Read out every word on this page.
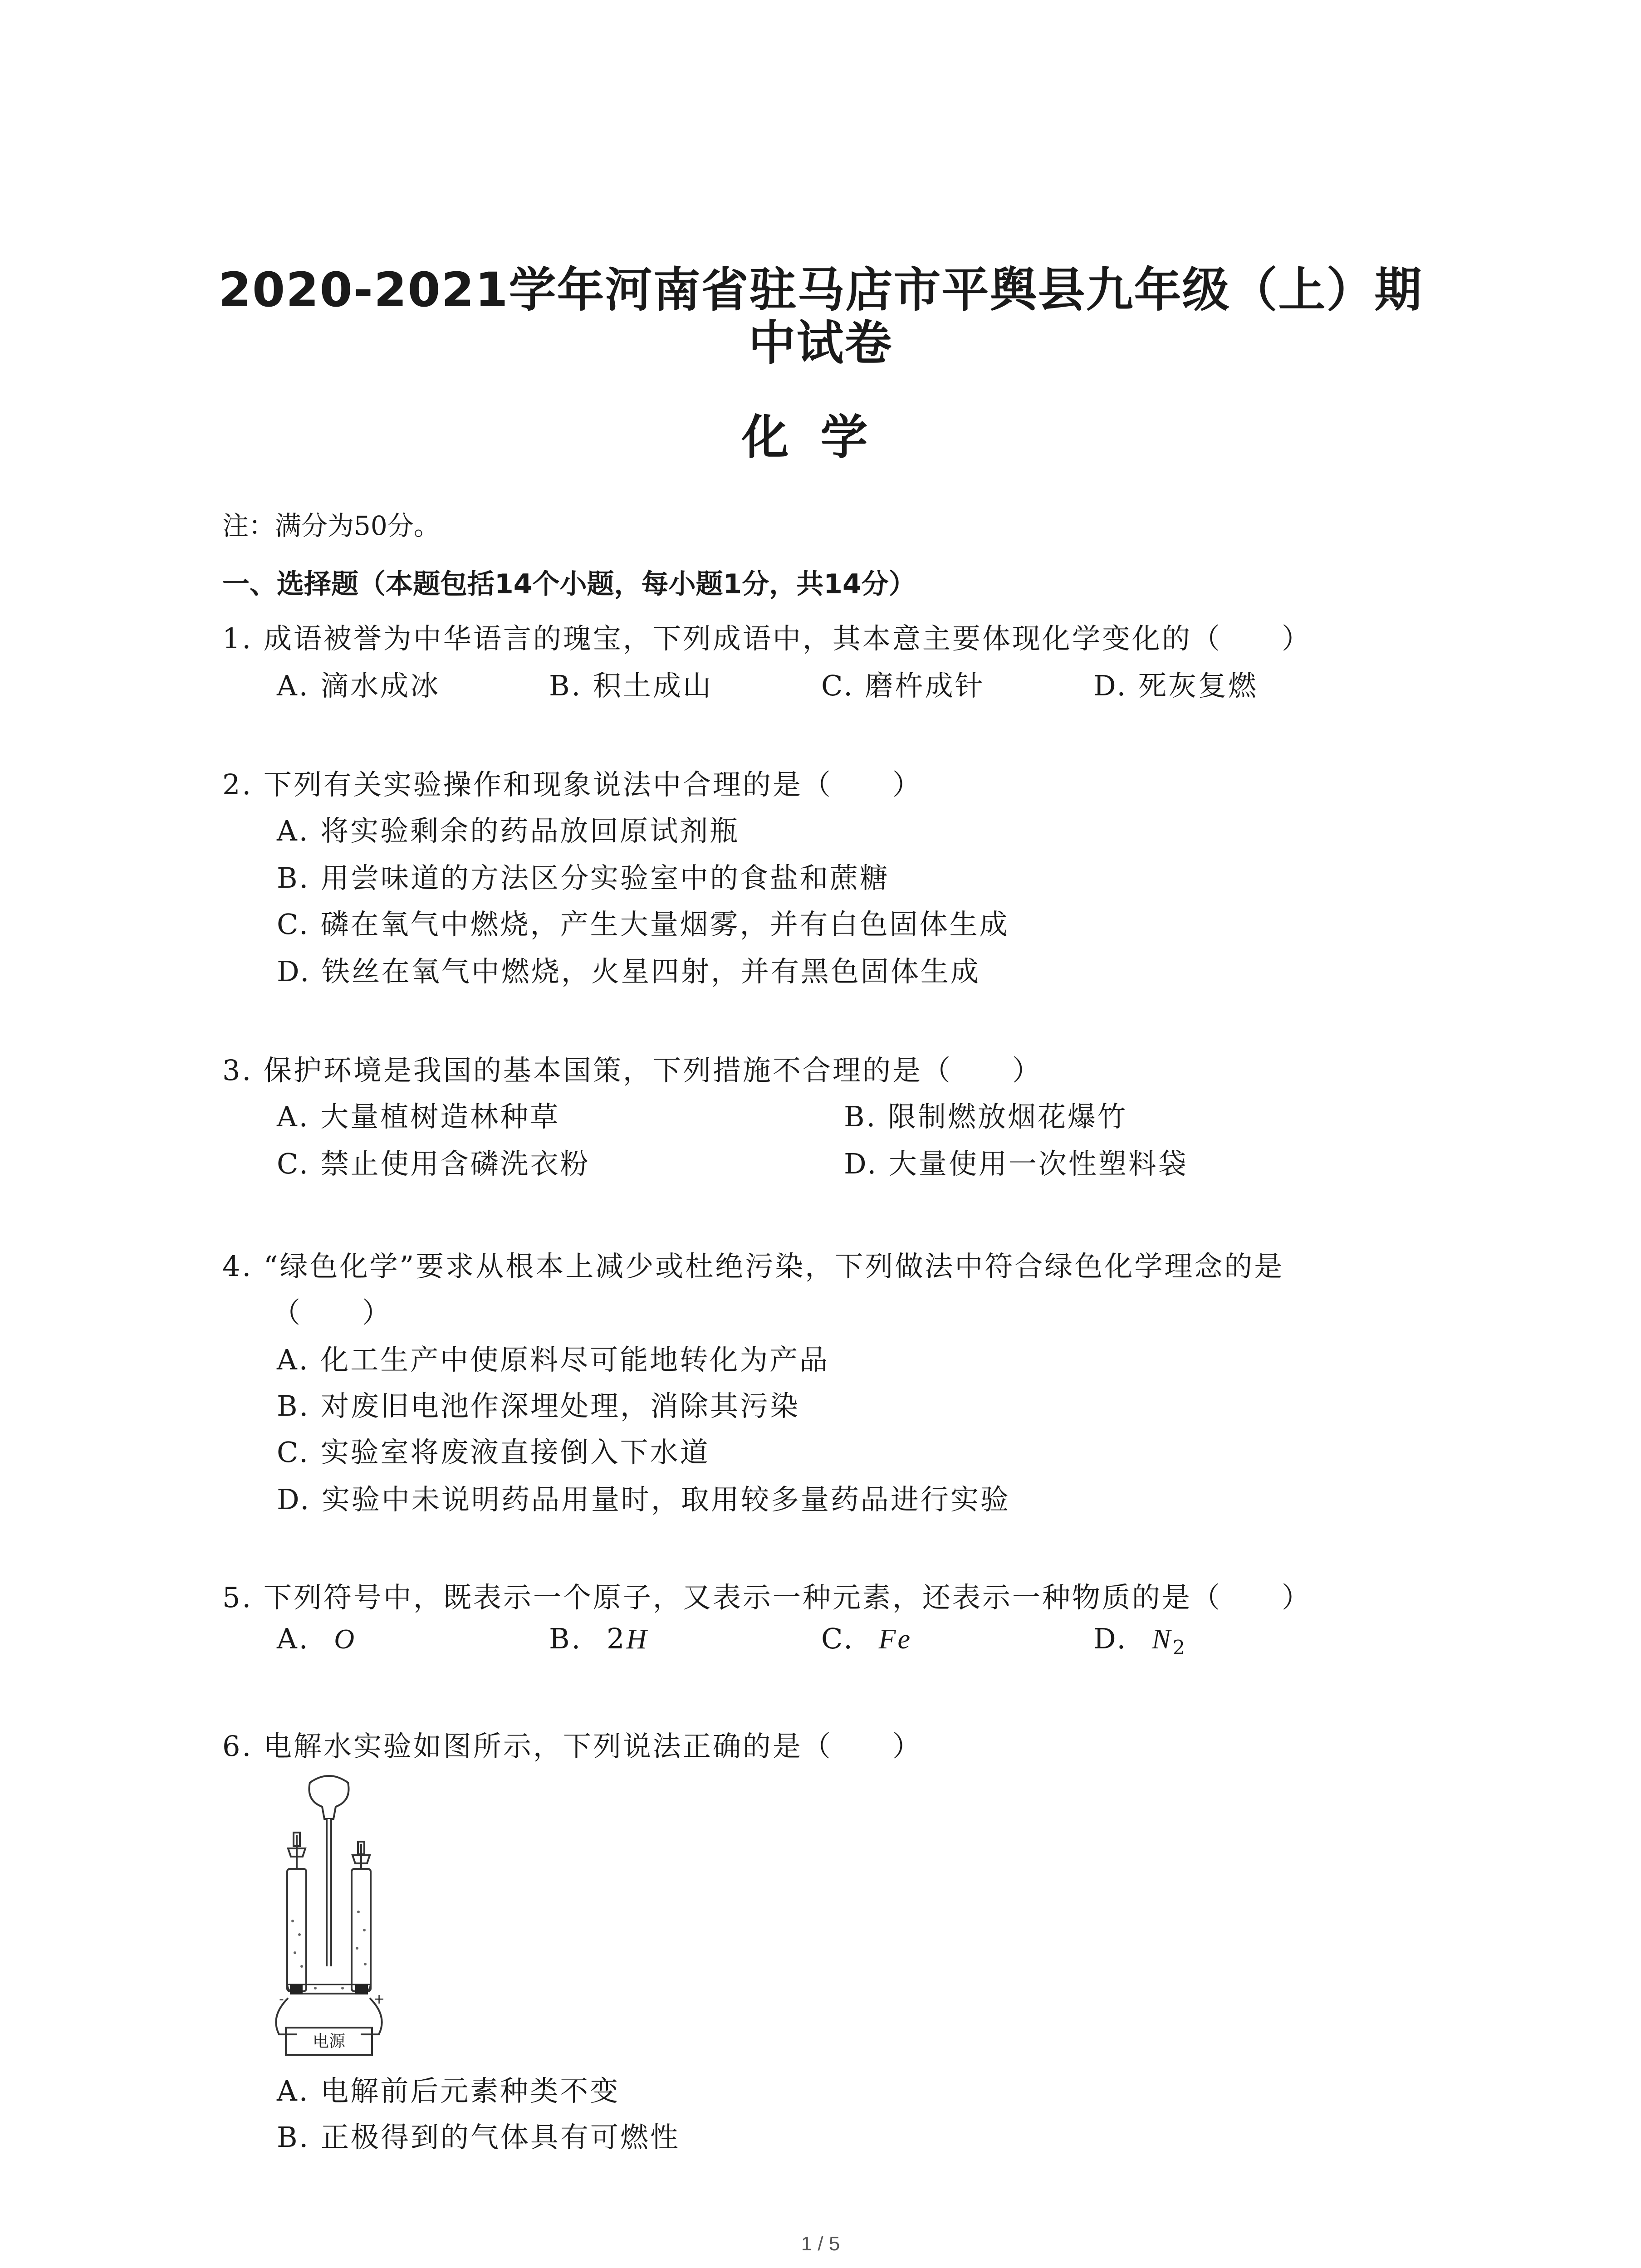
2020-2021学年河南省驻马店市平舆县九年级（上）期
中试卷
化学
注：满分为50分。
一、选择题（本题包括14个小题，每小题1分，共14分）
1. 成语被誉为中华语言的瑰宝，下列成语中，其本意主要体现化学变化的（　　）
A. 滴水成冰	B. 积土成山	C. 磨杵成针	D. 死灰复燃
2. 下列有关实验操作和现象说法中合理的是（　　）
A. 将实验剩余的药品放回原试剂瓶
B. 用尝味道的方法区分实验室中的食盐和蔗糖
C. 磷在氧气中燃烧，产生大量烟雾，并有白色固体生成
D. 铁丝在氧气中燃烧，火星四射，并有黑色固体生成
3. 保护环境是我国的基本国策，下列措施不合理的是（　　）
A. 大量植树造林种草	B. 限制燃放烟花爆竹
C. 禁止使用含磷洗衣粉	D. 大量使用一次性塑料袋
4. “绿色化学”要求从根本上减少或杜绝污染，下列做法中符合绿色化学理念的是
（　　）
A. 化工生产中使原料尽可能地转化为产品
B. 对废旧电池作深埋处理，消除其污染
C. 实验室将废液直接倒入下水道
D. 实验中未说明药品用量时，取用较多量药品进行实验
5. 下列符号中，既表示一个原子，又表示一种元素，还表示一种物质的是（　　）
A. O	B. 2H	C. Fe	D. $N_2$
6. 电解水实验如图所示，下列说法正确的是（　　）
-	+
电源
A. 电解前后元素种类不变
B. 正极得到的气体具有可燃性
1 / 5
